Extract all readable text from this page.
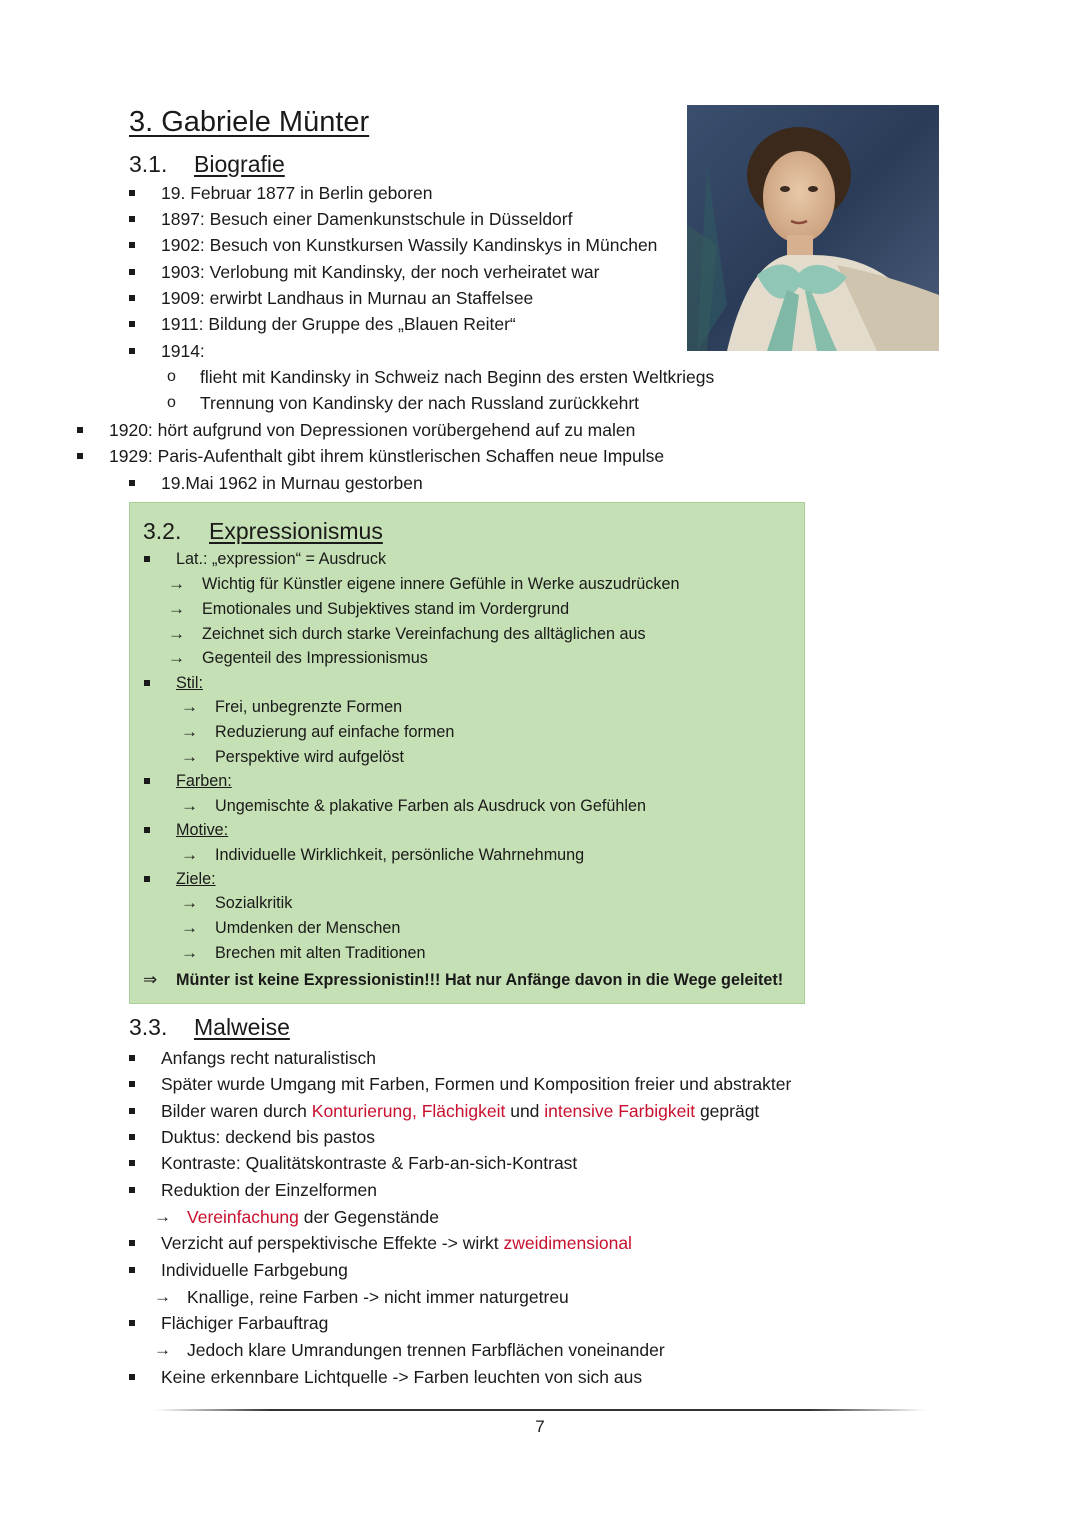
3. Gabriele Münter
3.1. Biografie
19. Februar 1877 in Berlin geboren
1897: Besuch einer Damenkunstschule in Düsseldorf
1902: Besuch von Kunstkursen Wassily Kandinskys in München
1903: Verlobung mit Kandinsky, der noch verheiratet war
1909: erwirbt Landhaus in Murnau an Staffelsee
1911: Bildung der Gruppe des „Blauen Reiter“
1914:
o flieht mit Kandinsky in Schweiz nach Beginn des ersten Weltkriegs
o Trennung von Kandinsky der nach Russland zurückkehrt
1920: hört aufgrund von Depressionen vorübergehend auf zu malen
1929: Paris-Aufenthalt gibt ihrem künstlerischen Schaffen neue Impulse
19.Mai 1962 in Murnau gestorben
3.2. Expressionismus
Lat.: „expression“ = Ausdruck
→ Wichtig für Künstler eigene innere Gefühle in Werke auszudrücken
→ Emotionales und Subjektives stand im Vordergrund
→ Zeichnet sich durch starke Vereinfachung des alltäglichen aus
→ Gegenteil des Impressionismus
Stil:
→ Frei, unbegrenzte Formen
→ Reduzierung auf einfache formen
→ Perspektive wird aufgelöst
Farben:
→ Ungemischte & plakative Farben als Ausdruck von Gefühlen
Motive:
→ Individuelle Wirklichkeit, persönliche Wahrnehmung
Ziele:
→ Sozialkritik
→ Umdenken der Menschen
→ Brechen mit alten Traditionen
⇒ Münter ist keine Expressionistin!!! Hat nur Anfänge davon in die Wege geleitet!
3.3. Malweise
Anfangs recht naturalistisch
Später wurde Umgang mit Farben, Formen und Komposition freier und abstrakter
Bilder waren durch Konturierung, Flächigkeit und intensive Farbigkeit geprägt
Duktus: deckend bis pastos
Kontraste: Qualitätskontraste & Farb-an-sich-Kontrast
Reduktion der Einzelformen
→ Vereinfachung der Gegenstände
Verzicht auf perspektivische Effekte -> wirkt zweidimensional
Individuelle Farbgebung
→ Knallige, reine Farben -> nicht immer naturgetreu
Flächiger Farbauftrag
→ Jedoch klare Umrandungen trennen Farbflächen voneinander
Keine erkennbare Lichtquelle -> Farben leuchten von sich aus
7
